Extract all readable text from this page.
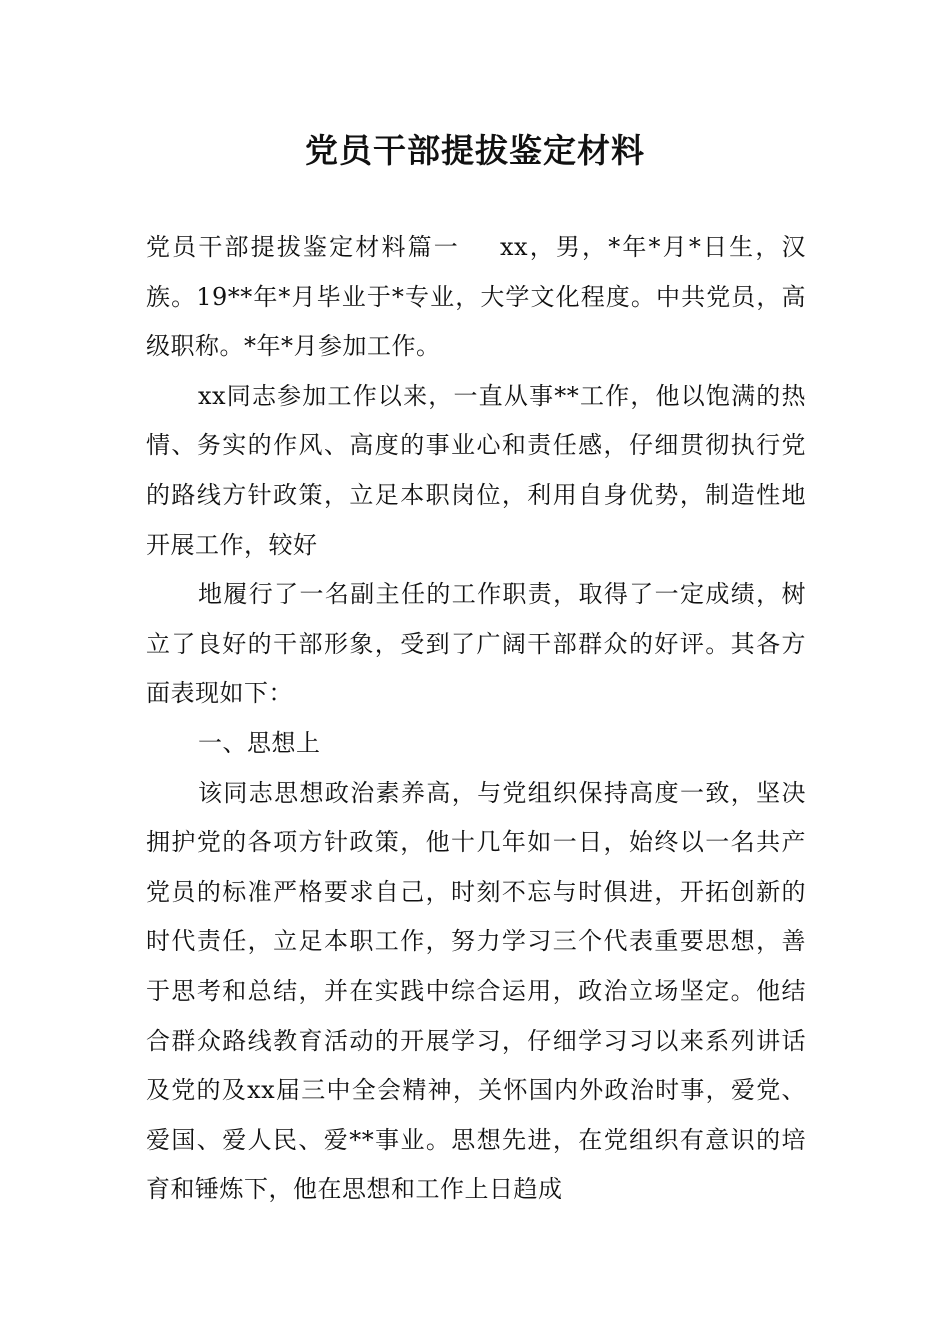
党员干部提拔鉴定材料

党员干部提拔鉴定材料篇一 xx，男，*年*月*日生，汉族。19**年*月毕业于*专业，大学文化程度。中共党员，高级职称。*年*月参加工作。

xx同志参加工作以来，一直从事**工作，他以饱满的热情、务实的作风、高度的事业心和责任感，仔细贯彻执行党的路线方针政策，立足本职岗位，利用自身优势，制造性地开展工作，较好

地履行了一名副主任的工作职责，取得了一定成绩，树立了良好的干部形象，受到了广阔干部群众的好评。其各方面表现如下：

一、思想上

该同志思想政治素养高，与党组织保持高度一致，坚决拥护党的各项方针政策，他十几年如一日，始终以一名共产党员的标准严格要求自己，时刻不忘与时俱进，开拓创新的时代责任，立足本职工作，努力学习三个代表重要思想，善于思考和总结，并在实践中综合运用，政治立场坚定。他结合群众路线教育活动的开展学习，仔细学习习以来系列讲话及党的及xx届三中全会精神，关怀国内外政治时事，爱党、爱国、爱人民、爱**事业。思想先进，在党组织有意识的培育和锤炼下，他在思想和工作上日趋成
